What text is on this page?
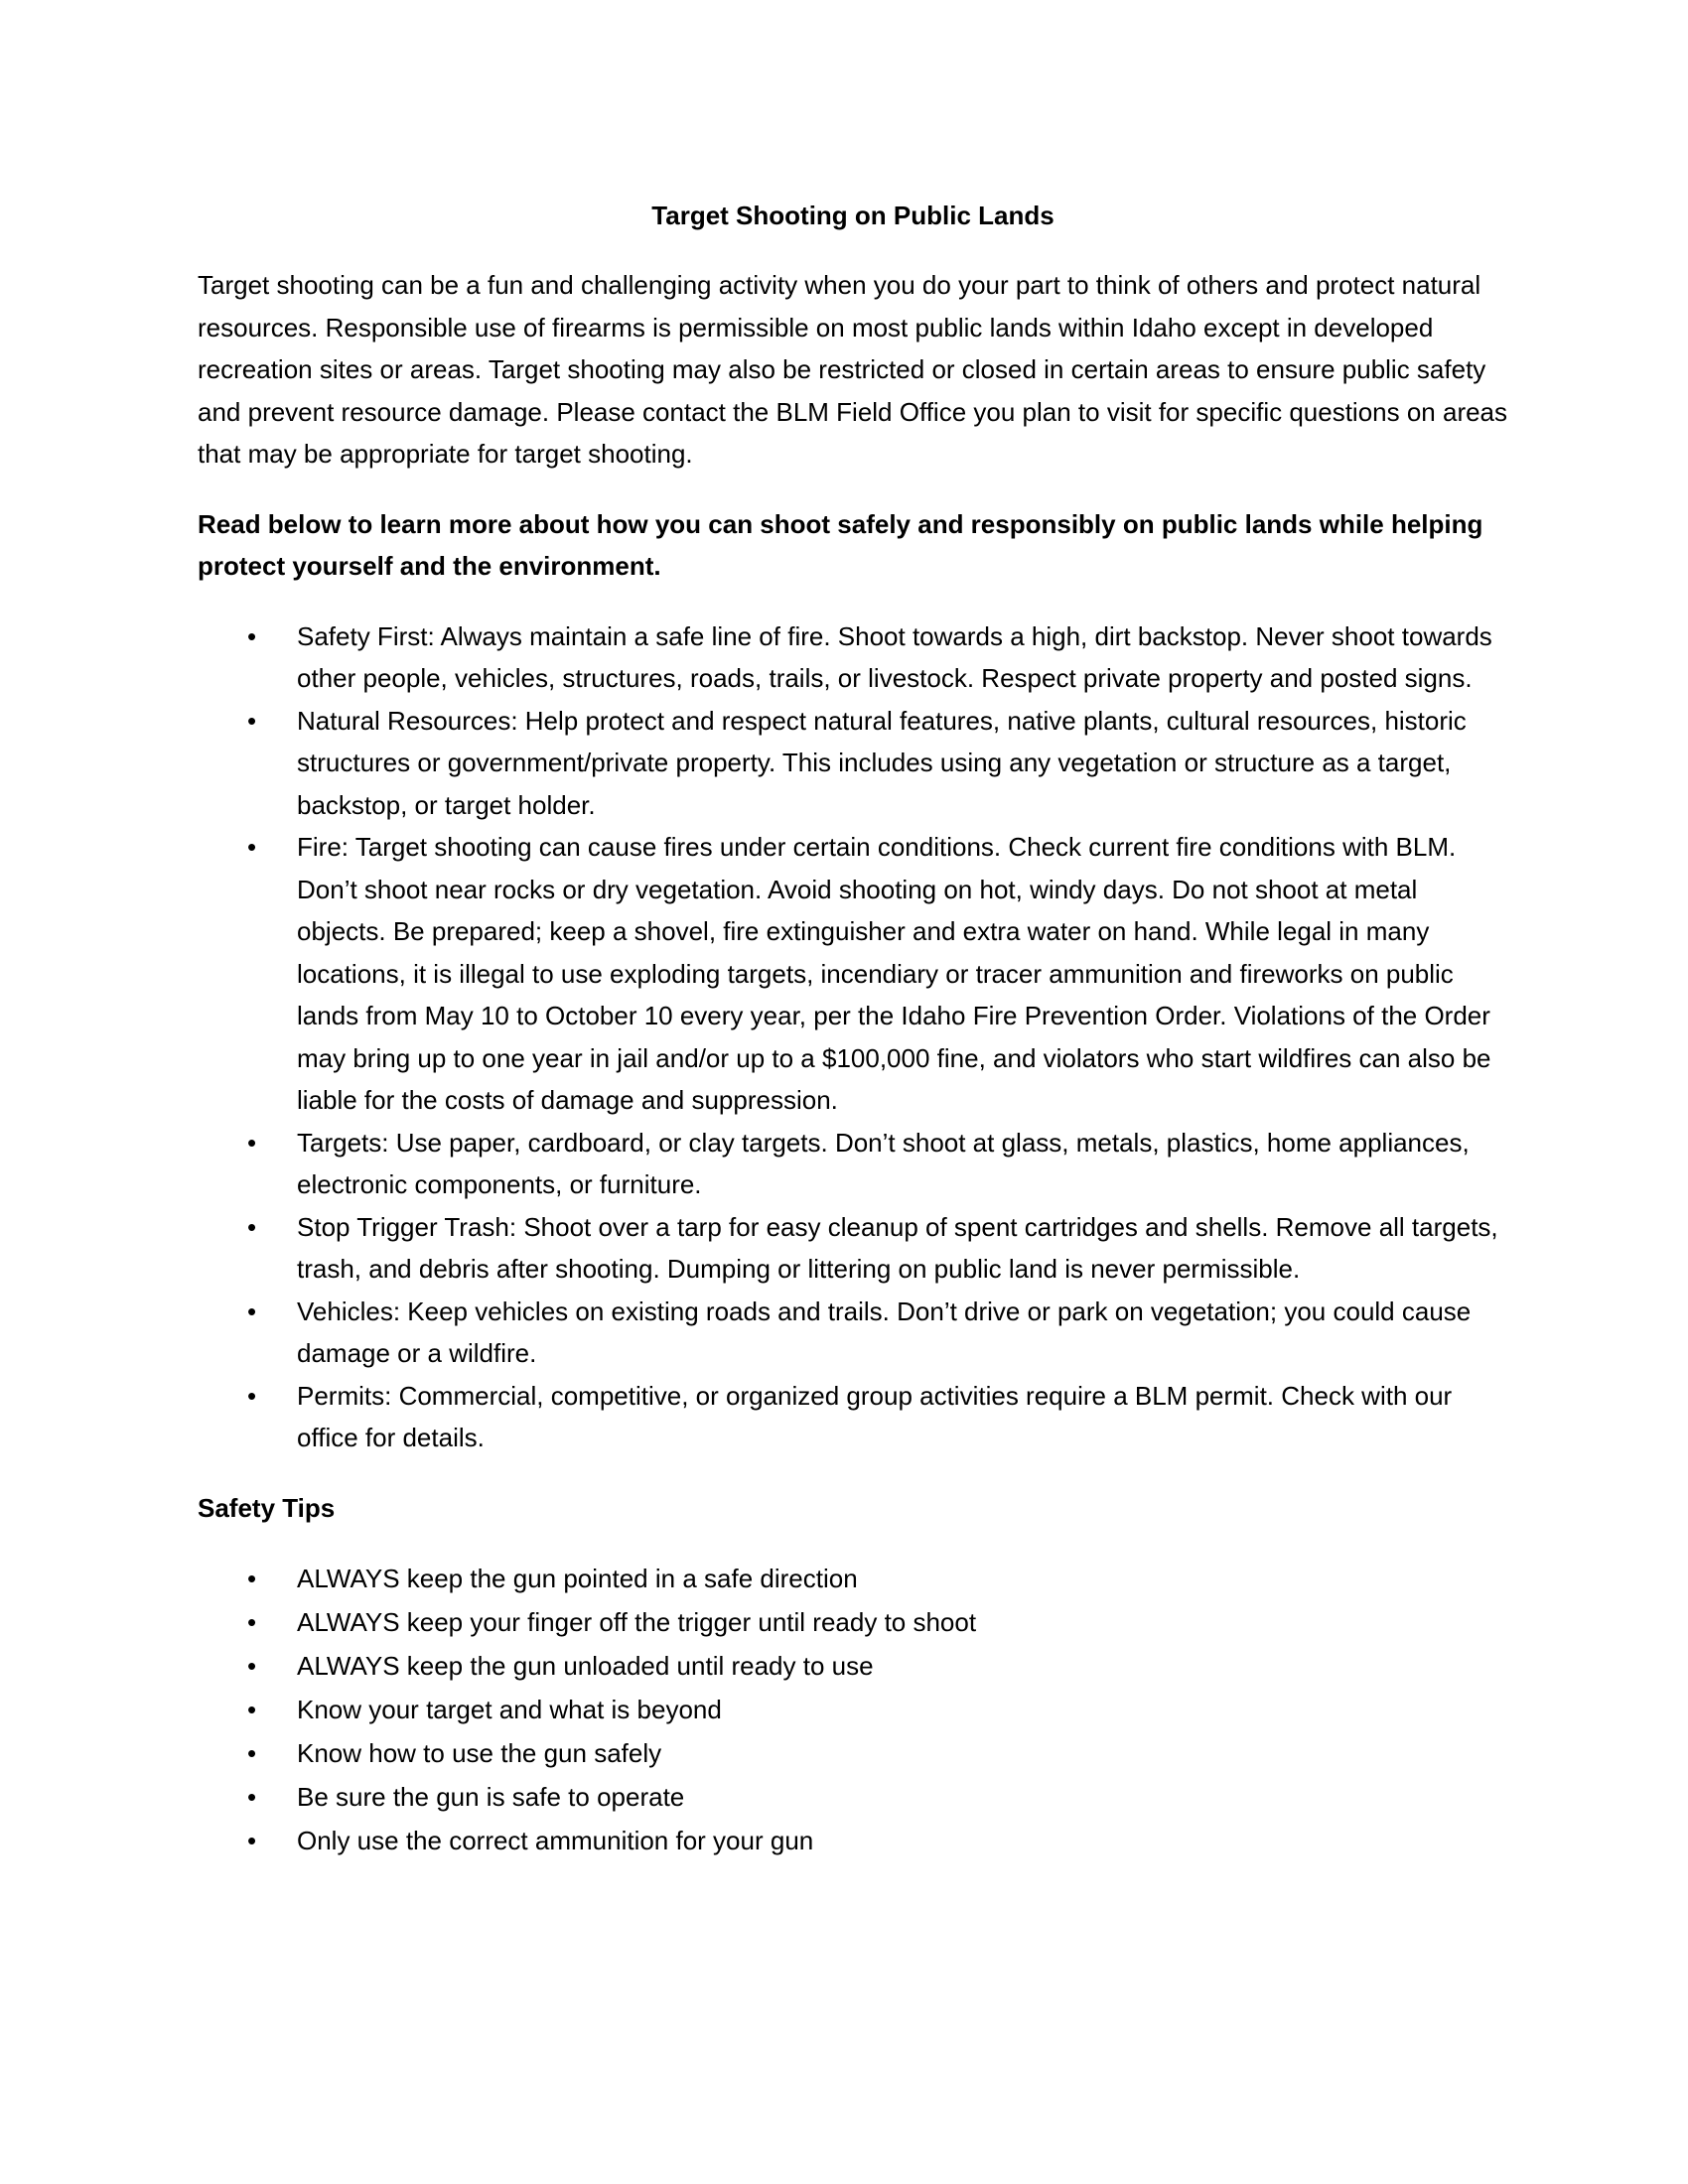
Target Shooting on Public Lands

Target shooting can be a fun and challenging activity when you do your part to think of others and protect natural resources. Responsible use of firearms is permissible on most public lands within Idaho except in developed recreation sites or areas. Target shooting may also be restricted or closed in certain areas to ensure public safety and prevent resource damage. Please contact the BLM Field Office you plan to visit for specific questions on areas that may be appropriate for target shooting.

Read below to learn more about how you can shoot safely and responsibly on public lands while helping protect yourself and the environment.

• Safety First: Always maintain a safe line of fire. Shoot towards a high, dirt backstop. Never shoot towards other people, vehicles, structures, roads, trails, or livestock. Respect private property and posted signs.
• Natural Resources: Help protect and respect natural features, native plants, cultural resources, historic structures or government/private property. This includes using any vegetation or structure as a target, backstop, or target holder.
• Fire: Target shooting can cause fires under certain conditions. Check current fire conditions with BLM. Don’t shoot near rocks or dry vegetation. Avoid shooting on hot, windy days. Do not shoot at metal objects. Be prepared; keep a shovel, fire extinguisher and extra water on hand. While legal in many locations, it is illegal to use exploding targets, incendiary or tracer ammunition and fireworks on public lands from May 10 to October 10 every year, per the Idaho Fire Prevention Order. Violations of the Order may bring up to one year in jail and/or up to a $100,000 fine, and violators who start wildfires can also be liable for the costs of damage and suppression.
• Targets: Use paper, cardboard, or clay targets. Don’t shoot at glass, metals, plastics, home appliances, electronic components, or furniture.
• Stop Trigger Trash: Shoot over a tarp for easy cleanup of spent cartridges and shells. Remove all targets, trash, and debris after shooting. Dumping or littering on public land is never permissible.
• Vehicles: Keep vehicles on existing roads and trails. Don’t drive or park on vegetation; you could cause damage or a wildfire.
• Permits: Commercial, competitive, or organized group activities require a BLM permit. Check with our office for details.
Safety Tips
• ALWAYS keep the gun pointed in a safe direction
• ALWAYS keep your finger off the trigger until ready to shoot
• ALWAYS keep the gun unloaded until ready to use
• Know your target and what is beyond
• Know how to use the gun safely
• Be sure the gun is safe to operate
• Only use the correct ammunition for your gun
